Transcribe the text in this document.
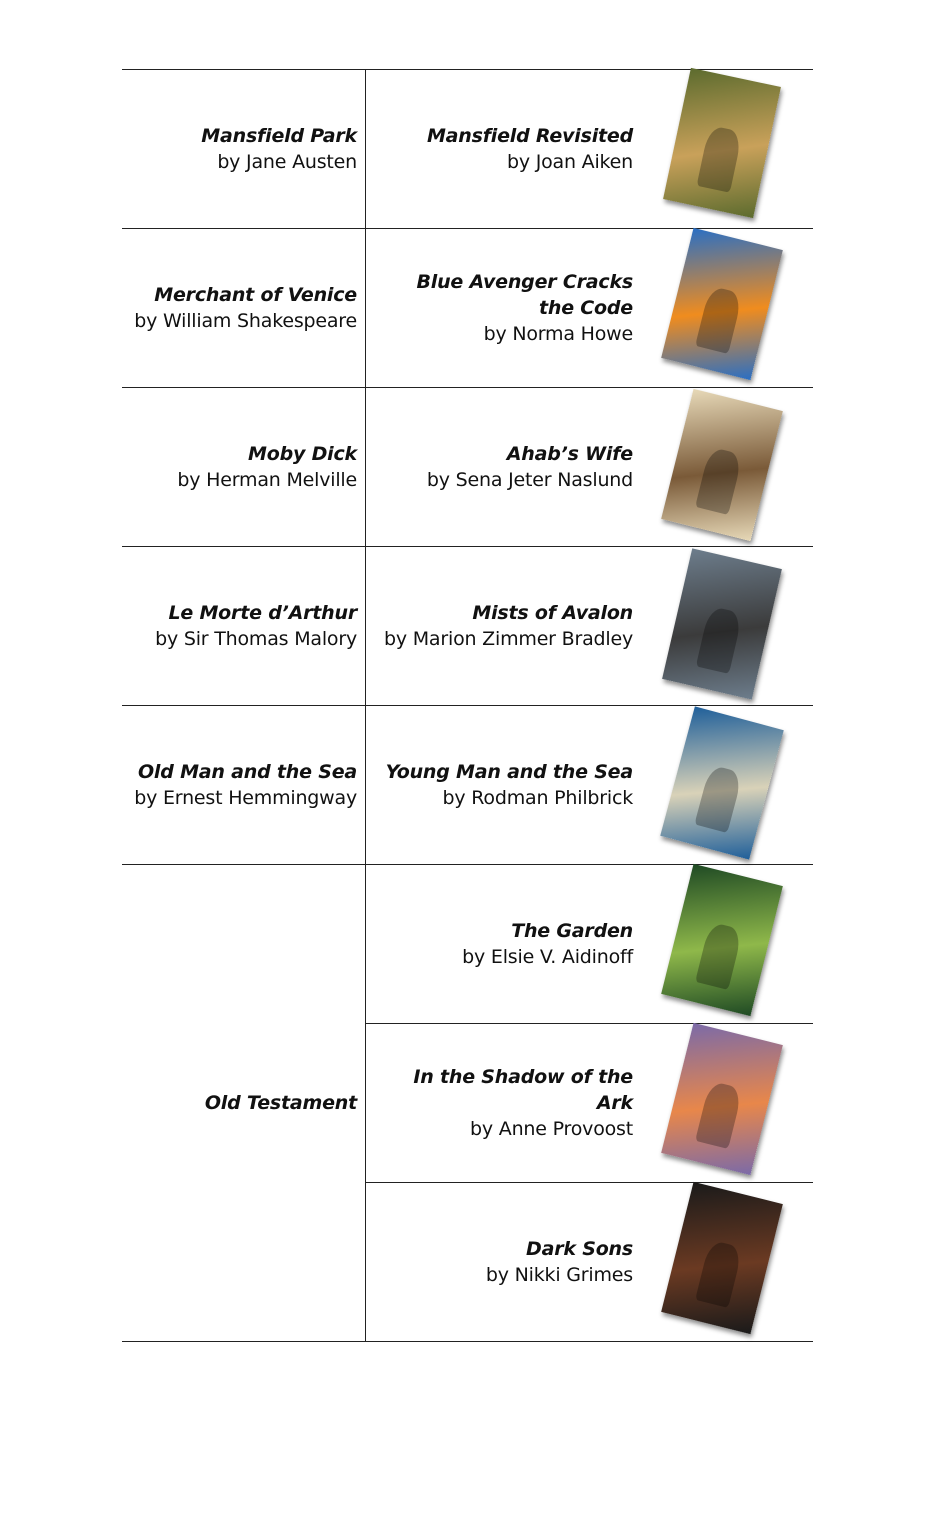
Mansfield Park
by Jane Austen
Mansfield Revisited
by Joan Aiken
Merchant of Venice
by William Shakespeare
Blue Avenger Cracks the Code
by Norma Howe
Moby Dick
by Herman Melville
Ahab’s Wife
by Sena Jeter Naslund
Le Morte d’Arthur
by Sir Thomas Malory
Mists of Avalon
by Marion Zimmer Bradley
Old Man and the Sea
by Ernest Hemmingway
Young Man and the Sea
by Rodman Philbrick
Old Testament
The Garden
by Elsie V. Aidinoff
In the Shadow of the Ark
by Anne Provoost
Dark Sons
by Nikki Grimes
